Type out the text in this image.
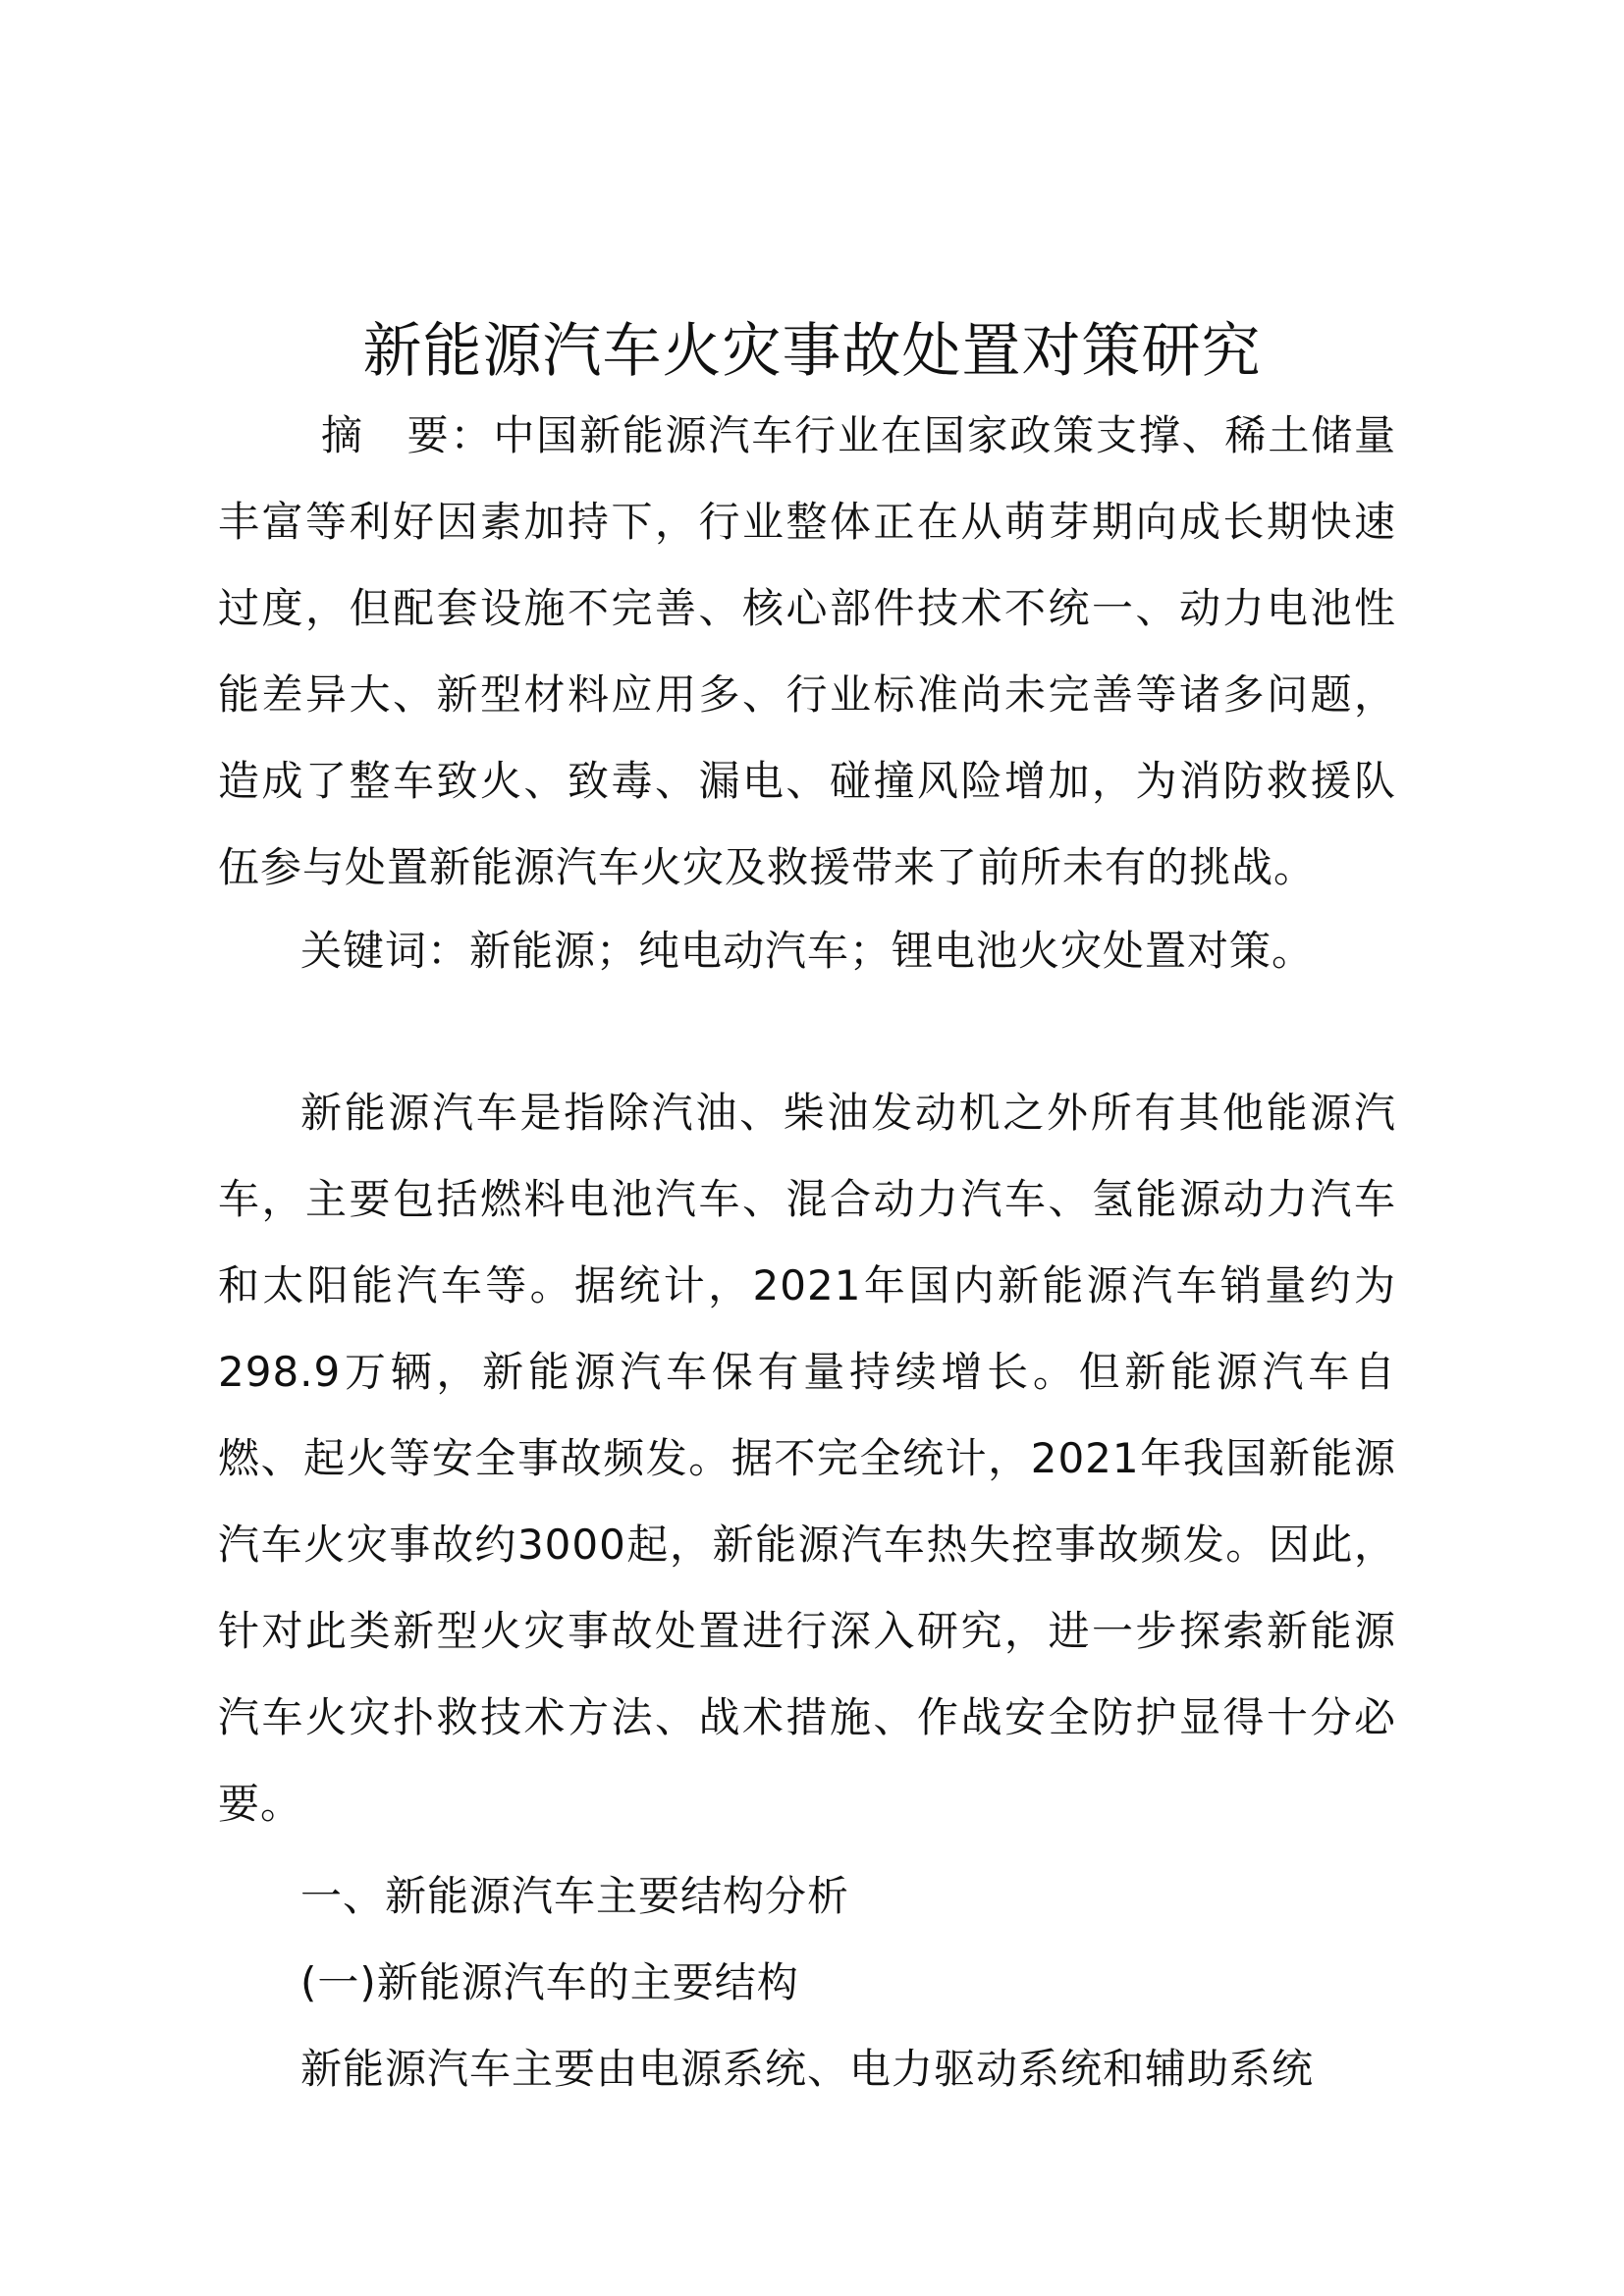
新能源汽车火灾事故处置对策研究

摘　要：中国新能源汽车行业在国家政策支撑、稀土储量丰富等利好因素加持下，行业整体正在从萌芽期向成长期快速过度，但配套设施不完善、核心部件技术不统一、动力电池性能差异大、新型材料应用多、行业标准尚未完善等诸多问题，造成了整车致火、致毒、漏电、碰撞风险增加，为消防救援队伍参与处置新能源汽车火灾及救援带来了前所未有的挑战。

关键词：新能源；纯电动汽车；锂电池火灾处置对策。

新能源汽车是指除汽油、柴油发动机之外所有其他能源汽车，主要包括燃料电池汽车、混合动力汽车、氢能源动力汽车和太阳能汽车等。据统计，2021年国内新能源汽车销量约为298.9万辆，新能源汽车保有量持续增长。但新能源汽车自燃、起火等安全事故频发。据不完全统计，2021年我国新能源汽车火灾事故约3000起，新能源汽车热失控事故频发。因此，针对此类新型火灾事故处置进行深入研究，进一步探索新能源汽车火灾扑救技术方法、战术措施、作战安全防护显得十分必要。

一、新能源汽车主要结构分析

(一)新能源汽车的主要结构

新能源汽车主要由电源系统、电力驱动系统和辅助系统
